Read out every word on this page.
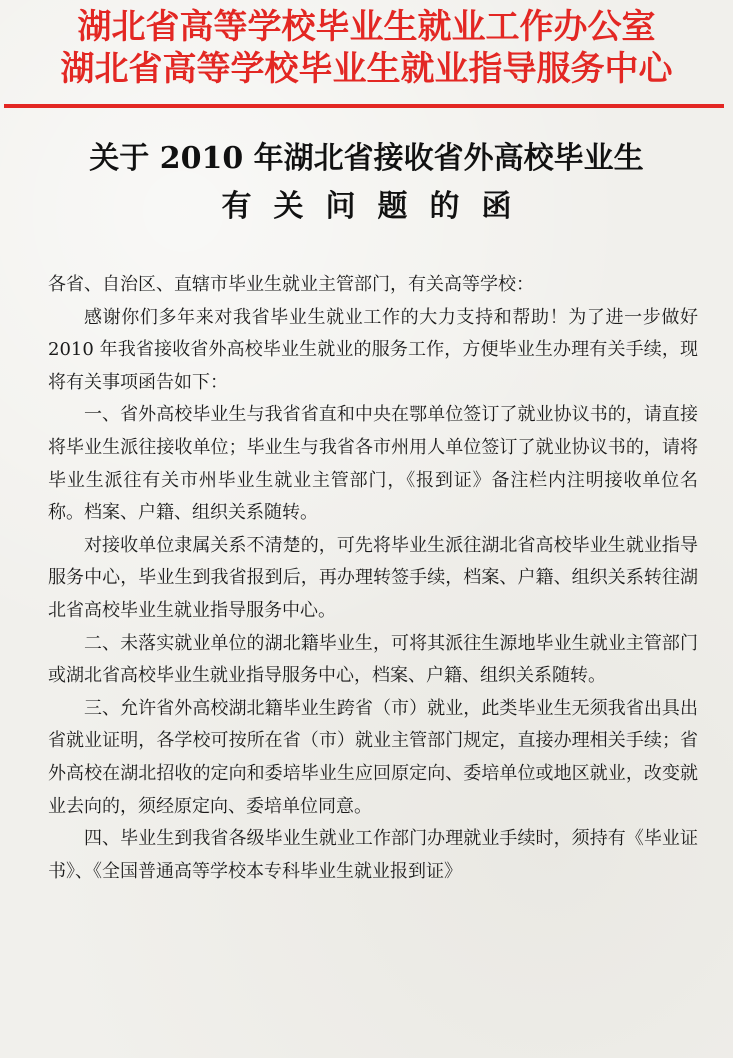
湖北省高等学校毕业生就业工作办公室
湖北省高等学校毕业生就业指导服务中心
关于 2010 年湖北省接收省外高校毕业生
有关问题的函

各省、自治区、直辖市毕业生就业主管部门，有关高等学校：

感谢你们多年来对我省毕业生就业工作的大力支持和帮助！为了进一步做好 2010 年我省接收省外高校毕业生就业的服务工作，方便毕业生办理有关手续，现将有关事项函告如下：

一、省外高校毕业生与我省省直和中央在鄂单位签订了就业协议书的，请直接将毕业生派往接收单位；毕业生与我省各市州用人单位签订了就业协议书的，请将毕业生派往有关市州毕业生就业主管部门，《报到证》备注栏内注明接收单位名称。档案、户籍、组织关系随转。

对接收单位隶属关系不清楚的，可先将毕业生派往湖北省高校毕业生就业指导服务中心，毕业生到我省报到后，再办理转签手续，档案、户籍、组织关系转往湖北省高校毕业生就业指导服务中心。

二、未落实就业单位的湖北籍毕业生，可将其派往生源地毕业生就业主管部门或湖北省高校毕业生就业指导服务中心，档案、户籍、组织关系随转。

三、允许省外高校湖北籍毕业生跨省（市）就业，此类毕业生无须我省出具出省就业证明，各学校可按所在省（市）就业主管部门规定，直接办理相关手续；省外高校在湖北招收的定向和委培毕业生应回原定向、委培单位或地区就业，改变就业去向的，须经原定向、委培单位同意。

四、毕业生到我省各级毕业生就业工作部门办理就业手续时，须持有《毕业证书》、《全国普通高等学校本专科毕业生就业报到证》
